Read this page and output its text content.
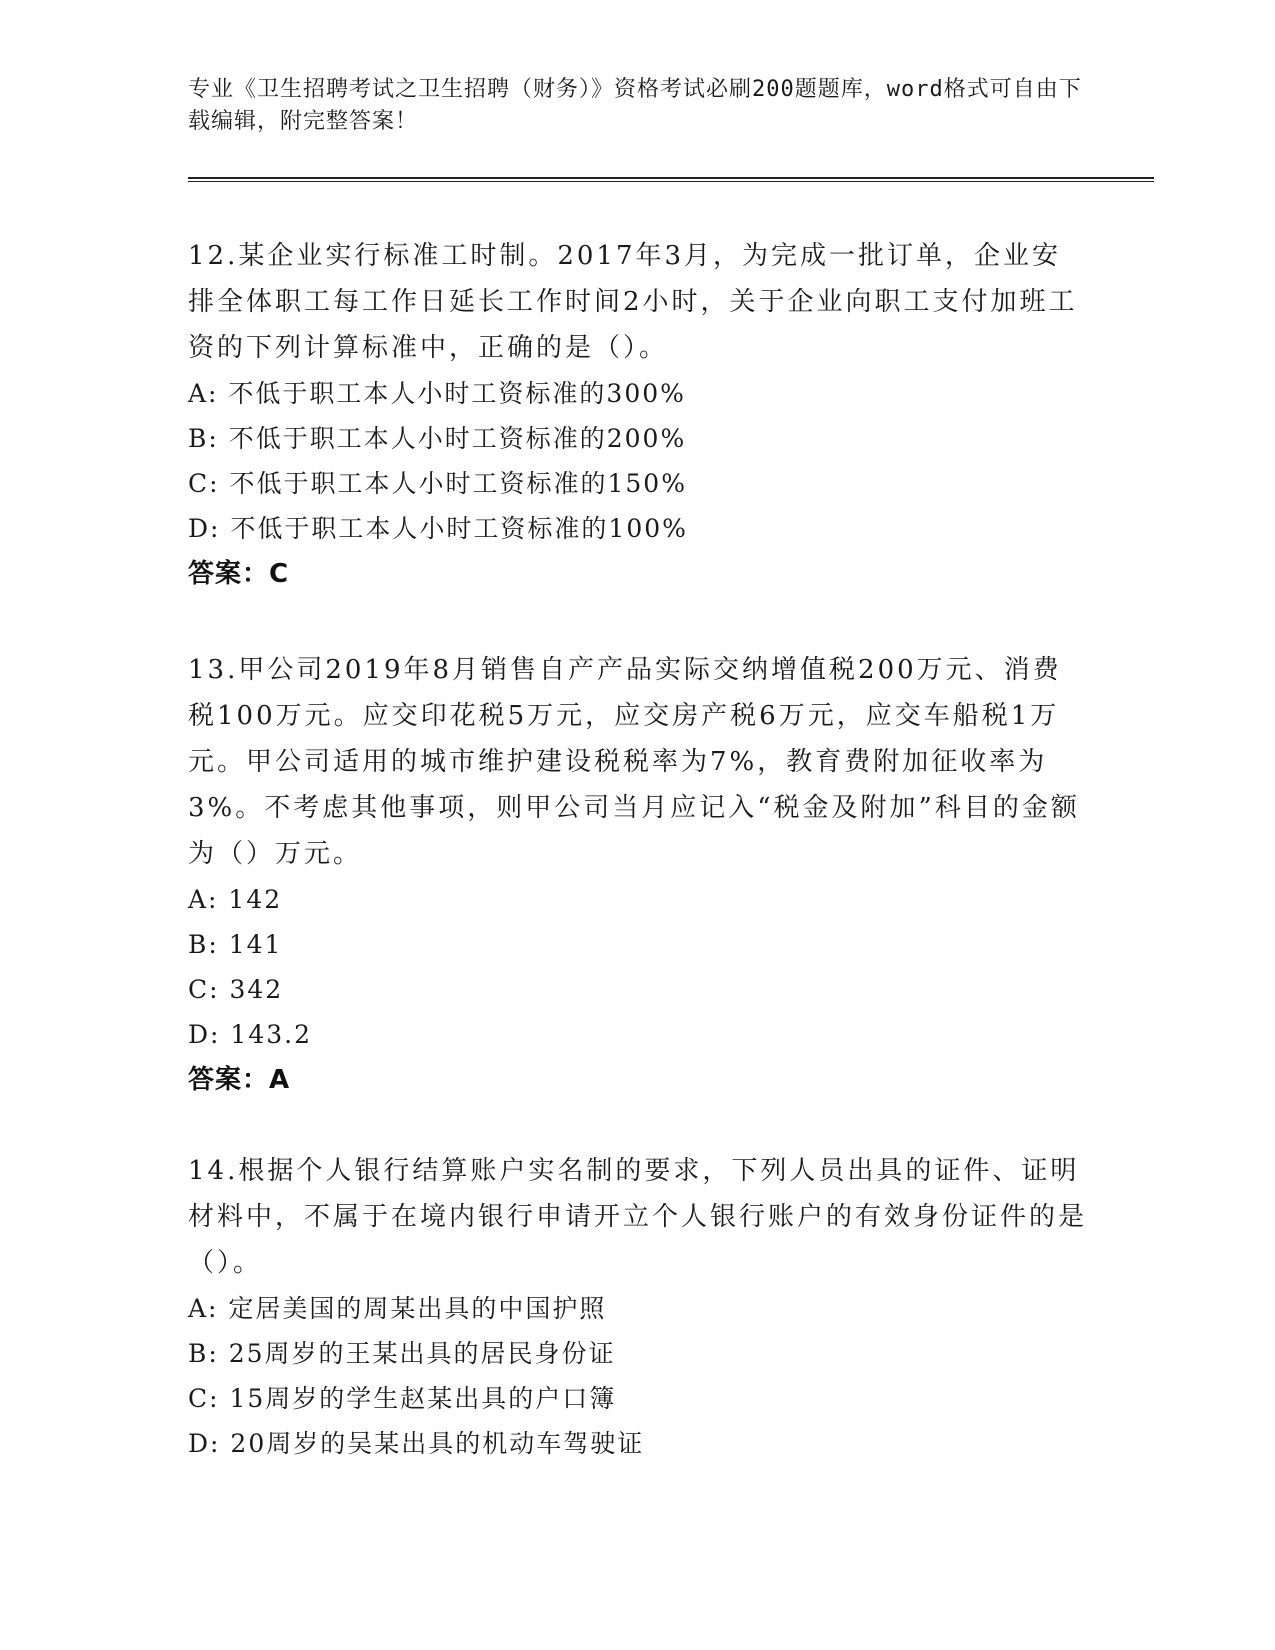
专业《卫生招聘考试之卫生招聘（财务）》资格考试必刷200题题库，word格式可自由下载编辑，附完整答案！

12.某企业实行标准工时制。2017年3月，为完成一批订单，企业安排全体职工每工作日延长工作时间2小时，关于企业向职工支付加班工资的下列计算标准中，正确的是（）。

A: 不低于职工本人小时工资标准的300%

B: 不低于职工本人小时工资标准的200%

C: 不低于职工本人小时工资标准的150%

D: 不低于职工本人小时工资标准的100%

答案：C

13.甲公司2019年8月销售自产产品实际交纳增值税200万元、消费税100万元。应交印花税5万元，应交房产税6万元，应交车船税1万元。甲公司适用的城市维护建设税税率为7%，教育费附加征收率为3%。不考虑其他事项，则甲公司当月应记入“税金及附加”科目的金额为（）万元。

A: 142

B: 141

C: 342

D: 143.2

答案：A

14.根据个人银行结算账户实名制的要求，下列人员出具的证件、证明材料中，不属于在境内银行申请开立个人银行账户的有效身份证件的是（）。

A: 定居美国的周某出具的中国护照

B: 25周岁的王某出具的居民身份证

C: 15周岁的学生赵某出具的户口簿

D: 20周岁的吴某出具的机动车驾驶证
